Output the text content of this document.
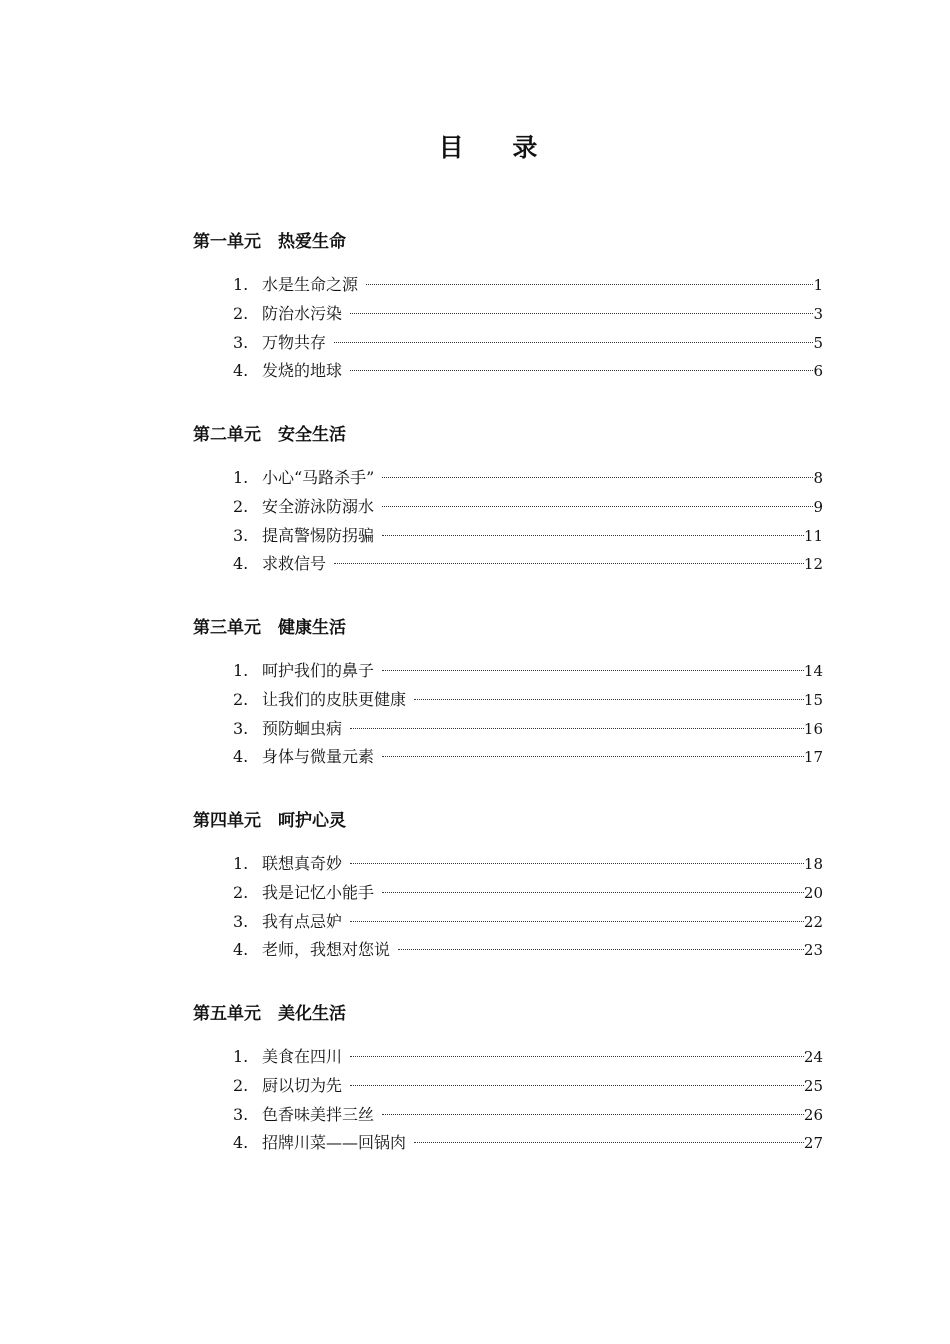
目 录
第一单元　热爱生命
1. 水是生命之源	1
2. 防治水污染	3
3. 万物共存	5
4. 发烧的地球	6
第二单元　安全生活
1. 小心“马路杀手”	8
2. 安全游泳防溺水	9
3. 提高警惕防拐骗	11
4. 求救信号	12
第三单元　健康生活
1. 呵护我们的鼻子	14
2. 让我们的皮肤更健康	15
3. 预防蛔虫病	16
4. 身体与微量元素	17
第四单元　呵护心灵
1. 联想真奇妙	18
2. 我是记忆小能手	20
3. 我有点忌妒	22
4. 老师，我想对您说	23
第五单元　美化生活
1. 美食在四川	24
2. 厨以切为先	25
3. 色香味美拌三丝	26
4. 招牌川菜——回锅肉	27
